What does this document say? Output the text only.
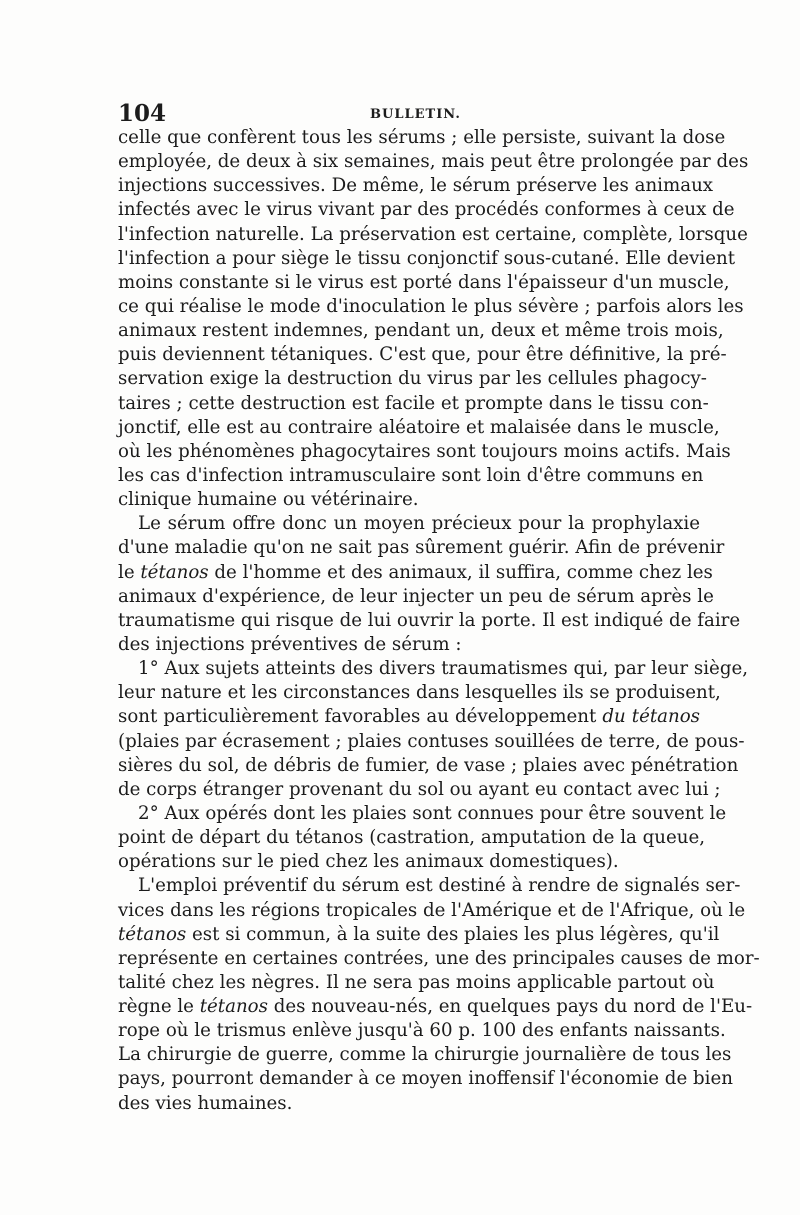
104	BULLETIN.
celle que confèrent tous les sérums ; elle persiste, suivant la dose
employée, de deux à six semaines, mais peut être prolongée par des
injections successives. De même, le sérum préserve les animaux
infectés avec le virus vivant par des procédés conformes à ceux de
l'infection naturelle. La préservation est certaine, complète, lorsque
l'infection a pour siège le tissu conjonctif sous-cutané. Elle devient
moins constante si le virus est porté dans l'épaisseur d'un muscle,
ce qui réalise le mode d'inoculation le plus sévère ; parfois alors les
animaux restent indemnes, pendant un, deux et même trois mois,
puis deviennent tétaniques. C'est que, pour être définitive, la pré-
servation exige la destruction du virus par les cellules phagocy-
taires ; cette destruction est facile et prompte dans le tissu con-
jonctif, elle est au contraire aléatoire et malaisée dans le muscle,
où les phénomènes phagocytaires sont toujours moins actifs. Mais
les cas d'infection intramusculaire sont loin d'être communs en
clinique humaine ou vétérinaire.
Le sérum offre donc un moyen précieux pour la prophylaxie
d'une maladie qu'on ne sait pas sûrement guérir. Afin de prévenir
le tétanos de l'homme et des animaux, il suffira, comme chez les
animaux d'expérience, de leur injecter un peu de sérum après le
traumatisme qui risque de lui ouvrir la porte. Il est indiqué de faire
des injections préventives de sérum :
1° Aux sujets atteints des divers traumatismes qui, par leur siège,
leur nature et les circonstances dans lesquelles ils se produisent,
sont particulièrement favorables au développement du tétanos
(plaies par écrasement ; plaies contuses souillées de terre, de pous-
sières du sol, de débris de fumier, de vase ; plaies avec pénétration
de corps étranger provenant du sol ou ayant eu contact avec lui ;
2° Aux opérés dont les plaies sont connues pour être souvent le
point de départ du tétanos (castration, amputation de la queue,
opérations sur le pied chez les animaux domestiques).
L'emploi préventif du sérum est destiné à rendre de signalés ser-
vices dans les régions tropicales de l'Amérique et de l'Afrique, où le
tétanos est si commun, à la suite des plaies les plus légères, qu'il
représente en certaines contrées, une des principales causes de mor-
talité chez les nègres. Il ne sera pas moins applicable partout où
règne le tétanos des nouveau-nés, en quelques pays du nord de l'Eu-
rope où le trismus enlève jusqu'à 60 p. 100 des enfants naissants.
La chirurgie de guerre, comme la chirurgie journalière de tous les
pays, pourront demander à ce moyen inoffensif l'économie de bien
des vies humaines.
